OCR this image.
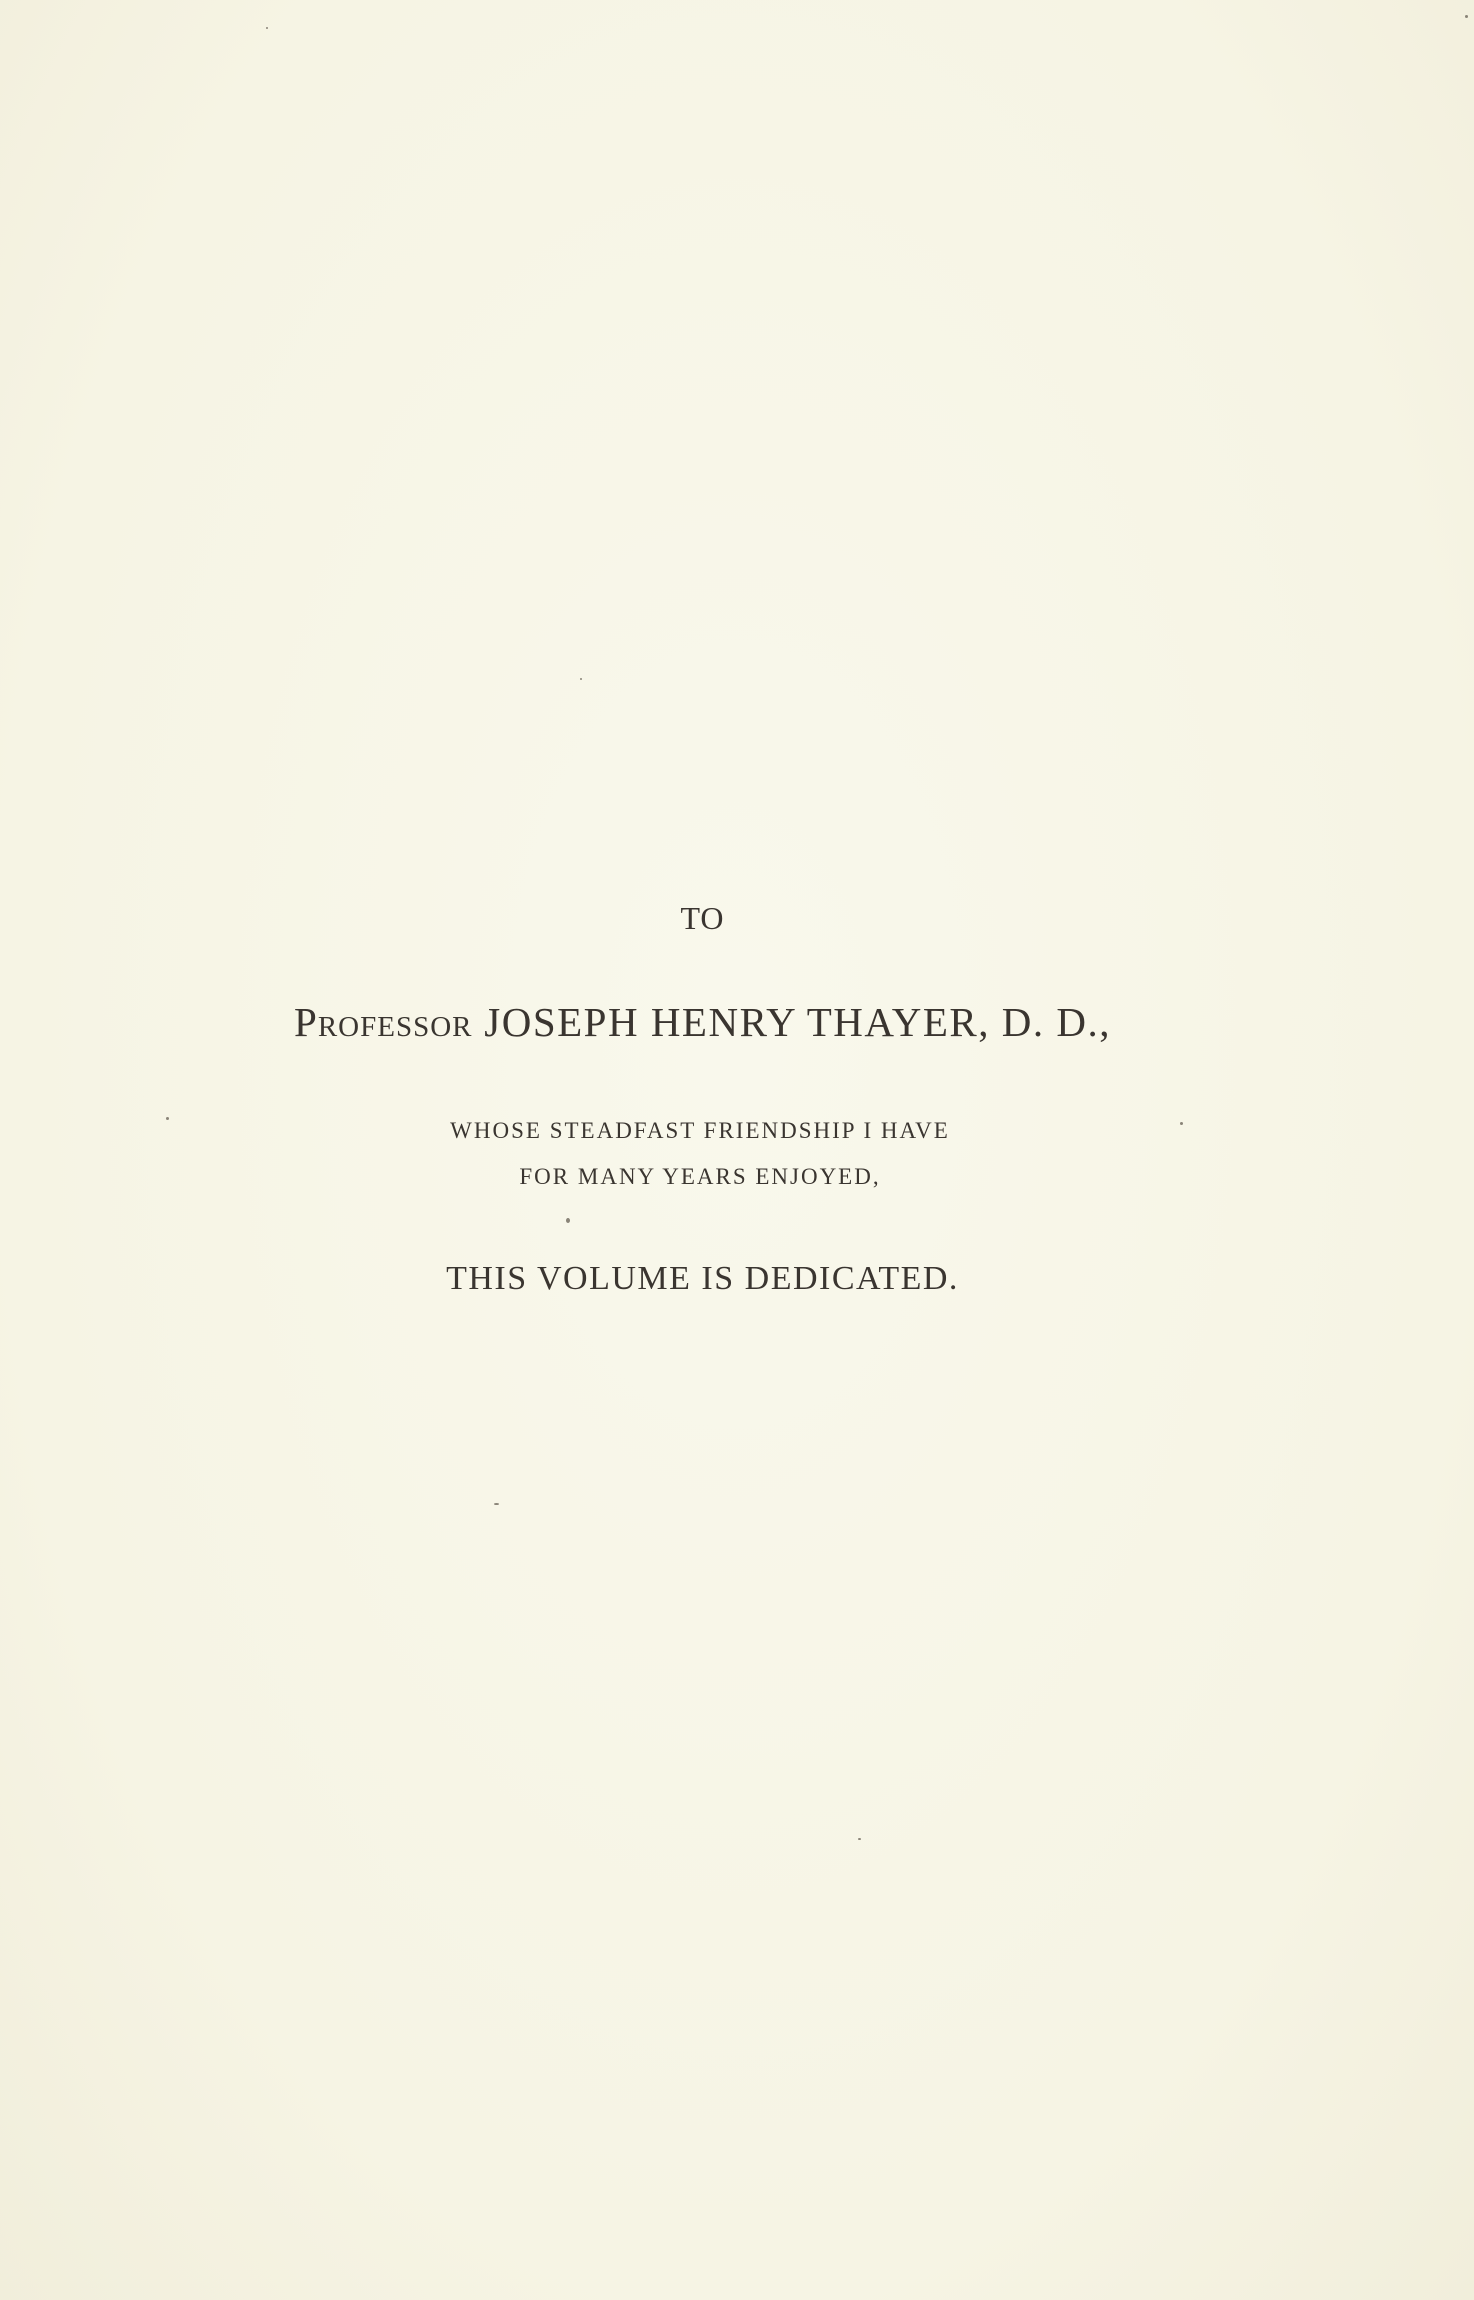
TO
Professor JOSEPH HENRY THAYER, D. D.,
WHOSE STEADFAST FRIENDSHIP I HAVE
FOR MANY YEARS ENJOYED,
THIS VOLUME IS DEDICATED.
